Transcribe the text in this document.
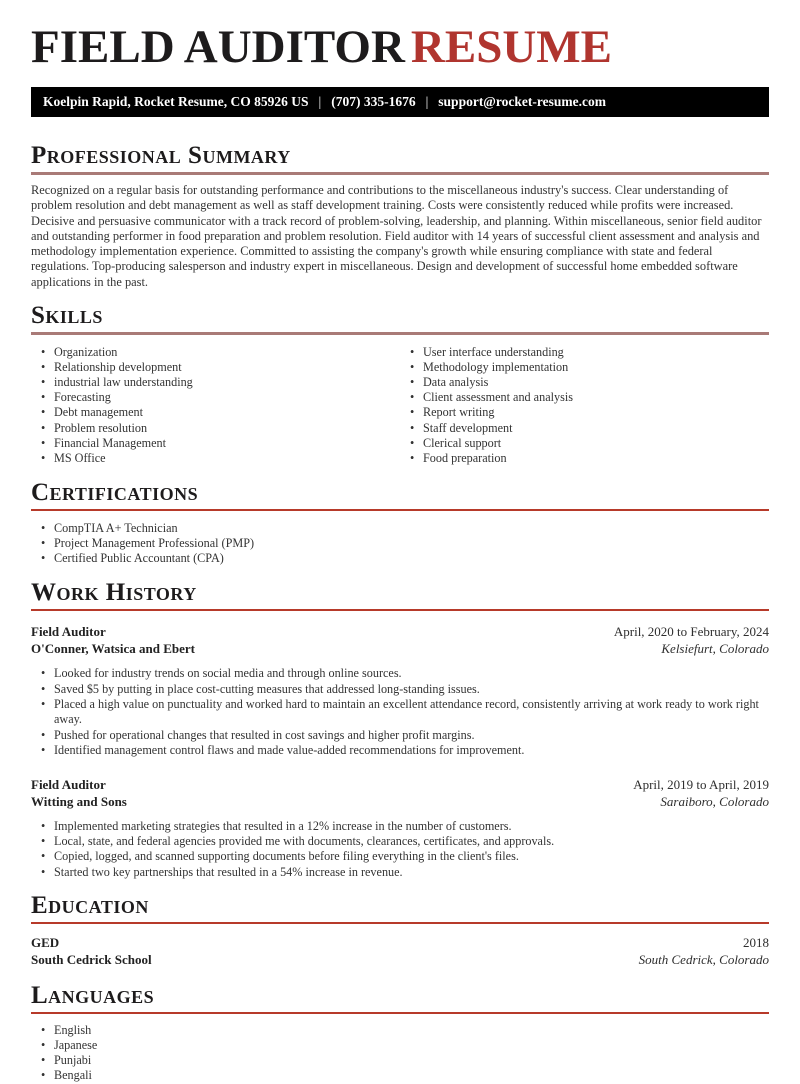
FIELD AUDITOR RESUME
Koelpin Rapid, Rocket Resume, CO 85926 US | (707) 335-1676 | support@rocket-resume.com
Professional Summary

Recognized on a regular basis for outstanding performance and contributions to the miscellaneous industry's success. Clear understanding of problem resolution and debt management as well as staff development training. Costs were consistently reduced while profits were increased. Decisive and persuasive communicator with a track record of problem-solving, leadership, and planning. Within miscellaneous, senior field auditor and outstanding performer in food preparation and problem resolution. Field auditor with 14 years of successful client assessment and analysis and methodology implementation experience. Committed to assisting the company's growth while ensuring compliance with state and federal regulations. Top-producing salesperson and industry expert in miscellaneous. Design and development of successful home embedded software applications in the past.

Skills
• Organization
• Relationship development
• industrial law understanding
• Forecasting
• Debt management
• Problem resolution
• Financial Management
• MS Office
• User interface understanding
• Methodology implementation
• Data analysis
• Client assessment and analysis
• Report writing
• Staff development
• Clerical support
• Food preparation
Certifications
• CompTIA A+ Technician
• Project Management Professional (PMP)
• Certified Public Accountant (CPA)
Work History
Field Auditor	April, 2020 to February, 2024
O'Conner, Watsica and Ebert	Kelsiefurt, Colorado
• Looked for industry trends on social media and through online sources.
• Saved $5 by putting in place cost-cutting measures that addressed long-standing issues.
• Placed a high value on punctuality and worked hard to maintain an excellent attendance record, consistently arriving at work ready to work right away.
• Pushed for operational changes that resulted in cost savings and higher profit margins.
• Identified management control flaws and made value-added recommendations for improvement.
Field Auditor	April, 2019 to April, 2019
Witting and Sons	Saraiboro, Colorado
• Implemented marketing strategies that resulted in a 12% increase in the number of customers.
• Local, state, and federal agencies provided me with documents, clearances, certificates, and approvals.
• Copied, logged, and scanned supporting documents before filing everything in the client's files.
• Started two key partnerships that resulted in a 54% increase in revenue.
Education
GED	2018
South Cedrick School	South Cedrick, Colorado
Languages
• English
• Japanese
• Punjabi
• Bengali
